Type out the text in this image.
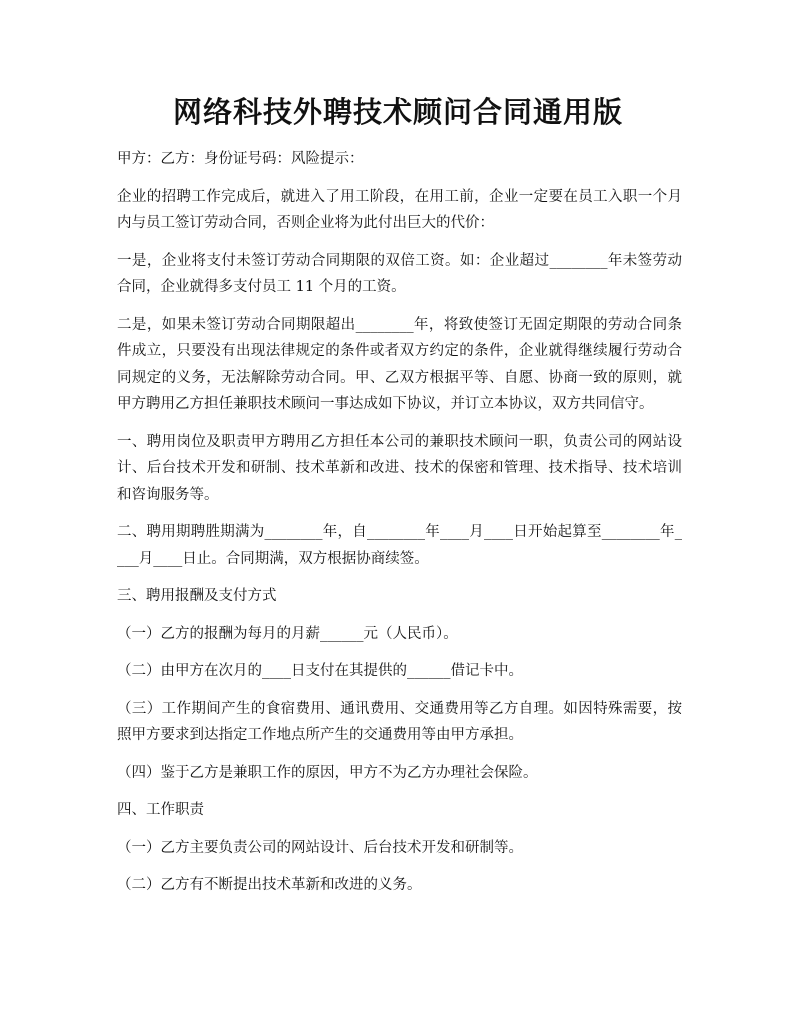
网络科技外聘技术顾问合同通用版

甲方：乙方：身份证号码：风险提示：

企业的招聘工作完成后，就进入了用工阶段，在用工前，企业一定要在员工入职一个月内与员工签订劳动合同，否则企业将为此付出巨大的代价：

一是，企业将支付未签订劳动合同期限的双倍工资。如：企业超过________年未签劳动合同，企业就得多支付员工 11 个月的工资。

二是，如果未签订劳动合同期限超出________年，将致使签订无固定期限的劳动合同条件成立，只要没有出现法律规定的条件或者双方约定的条件，企业就得继续履行劳动合同规定的义务，无法解除劳动合同。甲、乙双方根据平等、自愿、协商一致的原则，就甲方聘用乙方担任兼职技术顾问一事达成如下协议，并订立本协议，双方共同信守。

一、聘用岗位及职责甲方聘用乙方担任本公司的兼职技术顾问一职，负责公司的网站设计、后台技术开发和研制、技术革新和改进、技术的保密和管理、技术指导、技术培训和咨询服务等。

二、聘用期聘胜期满为________年，自________年____月____日开始起算至________年____月____日止。合同期满，双方根据协商续签。

三、聘用报酬及支付方式

（一）乙方的报酬为每月的月薪______元（人民币）。

（二）由甲方在次月的____日支付在其提供的______借记卡中。

（三）工作期间产生的食宿费用、通讯费用、交通费用等乙方自理。如因特殊需要，按照甲方要求到达指定工作地点所产生的交通费用等由甲方承担。

（四）鉴于乙方是兼职工作的原因，甲方不为乙方办理社会保险。

四、工作职责

（一）乙方主要负责公司的网站设计、后台技术开发和研制等。

（二）乙方有不断提出技术革新和改进的义务。
